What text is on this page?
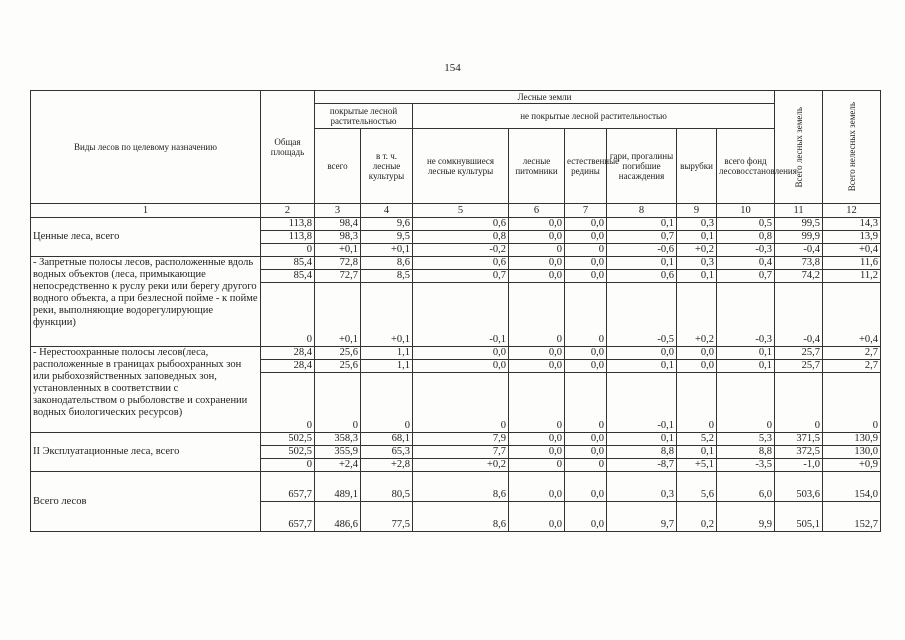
154
Виды лесов по целевому назначению	Общая площадь	Лесные земли								Всего лесных земель	Всего нелесных земель

		покрытые лесной растительностью		не покрытые лесной растительностью							
		всего	в т. ч. лесные культуры	не сомкнувшиеся лесные культуры	лесные питомники	естественные редины	гари, прогалины погибшие насаждения	вырубки	всего фонд лесовосстановления		
1	2	3	4	5	6	7	8	9	10	11	12
Ценные леса, всего	113,8	98,4	9,6	0,6	0,0	0,0	0,1	0,3	0,5	99,5	14,3
	113,8	98,3	9,5	0,8	0,0	0,0	0,7	0,1	0,8	99,9	13,9
	0	+0,1	+0,1	-0,2	0	0	-0,6	+0,2	-0,3	-0,4	+0,4
- Запретные полосы лесов, расположенные вдоль водных объектов (леса, примыкающие непосредственно к руслу реки или берегу другого водного объекта, а при безлесной пойме - к пойме реки, выполняющие водорегулирующие функции)	85,4	72,8	8,6	0,6	0,0	0,0	0,1	0,3	0,4	73,8	11,6
	85,4	72,7	8,5	0,7	0,0	0,0	0,6	0,1	0,7	74,2	11,2
	0	+0,1	+0,1	-0,1	0	0	-0,5	+0,2	-0,3	-0,4	+0,4
- Нерестоохранные полосы лесов(леса, расположенные в границах рыбоохранных зон или рыбохозяйственных заповедных зон, установленных в соответствии с законодательством о рыболовстве и сохранении водных биологических ресурсов)	28,4	25,6	1,1	0,0	0,0	0,0	0,0	0,0	0,1	25,7	2,7
	28,4	25,6	1,1	0,0	0,0	0,0	0,1	0,0	0,1	25,7	2,7
	0	0	0	0	0	0	-0,1	0	0	0	0
II Эксплуатационные леса, всего	502,5	358,3	68,1	7,9	0,0	0,0	0,1	5,2	5,3	371,5	130,9
	502,5	355,9	65,3	7,7	0,0	0,0	8,8	0,1	8,8	372,5	130,0
	0	+2,4	+2,8	+0,2	0	0	-8,7	+5,1	-3,5	-1,0	+0,9
Всего лесов	657,7	489,1	80,5	8,6	0,0	0,0	0,3	5,6	6,0	503,6	154,0
	657,7	486,6	77,5	8,6	0,0	0,0	9,7	0,2	9,9	505,1	152,7
